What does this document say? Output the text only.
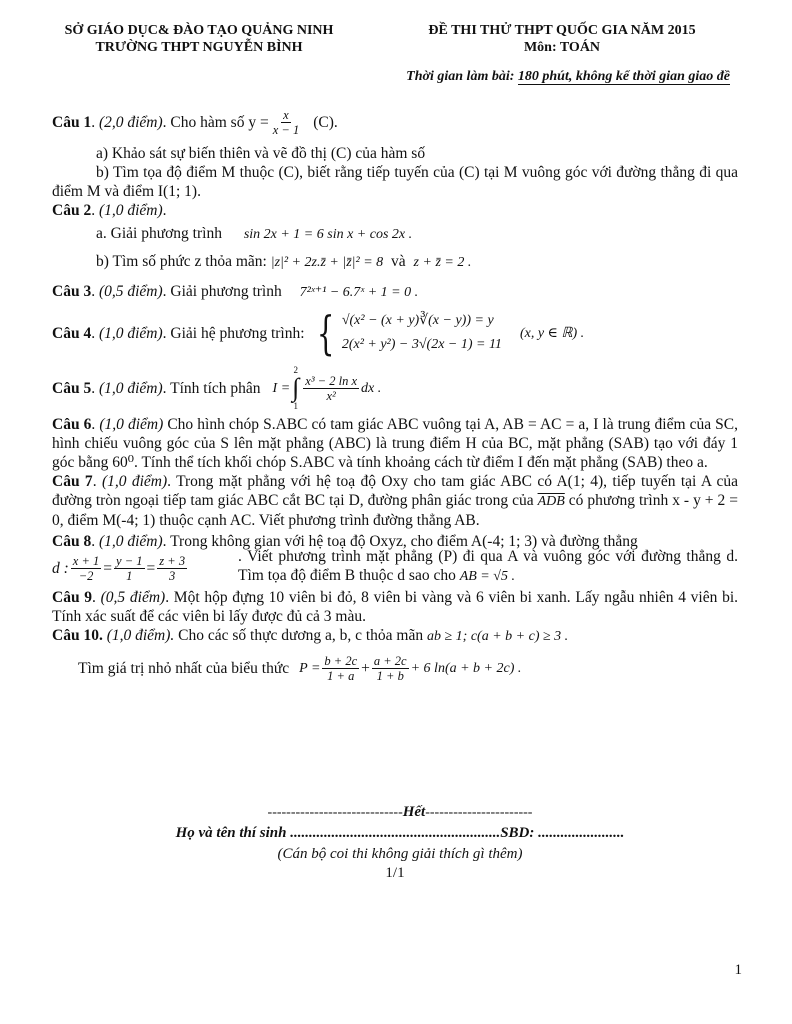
SỞ GIÁO DỤC& ĐÀO TẠO QUẢNG NINH
TRƯỜNG THPT NGUYỄN BÌNH
ĐỀ THI THỬ THPT QUỐC GIA NĂM 2015
Môn: TOÁN
Thời gian làm bài: 180 phút, không kể thời gian giao đề
Câu 1. (2,0 điểm). Cho hàm số $y = \frac{x}{x - 1} (C)$.
a) Khảo sát sự biến thiên và vẽ đồ thị (C) của hàm số
b) Tìm tọa độ điểm M thuộc (C), biết rằng tiếp tuyến của (C) tại M vuông góc với đường thẳng đi qua điểm M và điểm I(1; 1).
Câu 2. (1,0 điểm).
a. Giải phương trình sin 2x + 1 = 6 sin x + cos 2x .
b) Tìm số phức z thỏa mãn: |z|² + 2z.z̄ + |z̄|² = 8 và z + z̄ = 2 .
Câu 3. (0,5 điểm). Giải phương trình 7²ˣ⁺¹ − 6.7ˣ + 1 = 0 .
Câu 4. (1,0 điểm). Giải hệ phương trình: { √(x² − (x + y)∛(x − y)) = y
2(x² + y²) − 3√(2x − 1) = 11
(x, y ∈ ℝ) .
Câu 5. (1,0 điểm). Tính tích phân I =
2
∫
1
$\frac{\text{x³ − 2 ln x}}{\text{x²}}$ dx .
Câu 6. (1,0 điểm) Cho hình chóp S.ABC có tam giác ABC vuông tại A, AB = AC = a, I là trung điểm của SC, hình chiếu vuông góc của S lên mặt phẳng (ABC) là trung điểm H của BC, mặt phẳng (SAB) tạo với đáy 1 góc bằng 60⁰. Tính thể tích khối chóp S.ABC và tính khoảng cách từ điểm I đến mặt phẳng (SAB) theo a.
Câu 7. (1,0 điểm). Trong mặt phẳng với hệ toạ độ Oxy cho tam giác ABC có A(1; 4), tiếp tuyến tại A của đường tròn ngoại tiếp tam giác ABC cắt BC tại D, đường phân giác trong của $\overline{ADB}$ có phương trình x - y + 2 = 0, điểm M(-4; 1) thuộc cạnh AC. Viết phương trình đường thẳng AB.
Câu 8. (1,0 điểm). Trong không gian với hệ toạ độ Oxyz, cho điểm A(-4; 1; 3) và đường thẳng
d : $\frac{x + 1}{-2} = \frac{y - 1}{1} = \frac{z + 3}{3}$	. Viết phương trình mặt phẳng (P) đi qua A và vuông góc với đường thẳng d. Tìm tọa độ điểm B thuộc d sao cho AB = √5 .
Câu 9. (0,5 điểm). Một hộp đựng 10 viên bi đỏ, 8 viên bi vàng và 6 viên bi xanh. Lấy ngẫu nhiên 4 viên bi. Tính xác suất để các viên bi lấy được đủ cả 3 màu.
Câu 10. (1,0 điểm). Cho các số thực dương a, b, c thỏa mãn ab ≥ 1; c(a + b + c) ≥ 3 .
Tìm giá trị nhỏ nhất của biểu thức $P = \frac{b + 2c}{1 + a} + \frac{a + 2c}{1 + b} + 6$ ln(a + b + 2c) .
-----------------------------Hết-----------------------
Họ và tên thí sinh ........................................................SBD: .......................
(Cán bộ coi thi không giải thích gì thêm)
1/1
1
